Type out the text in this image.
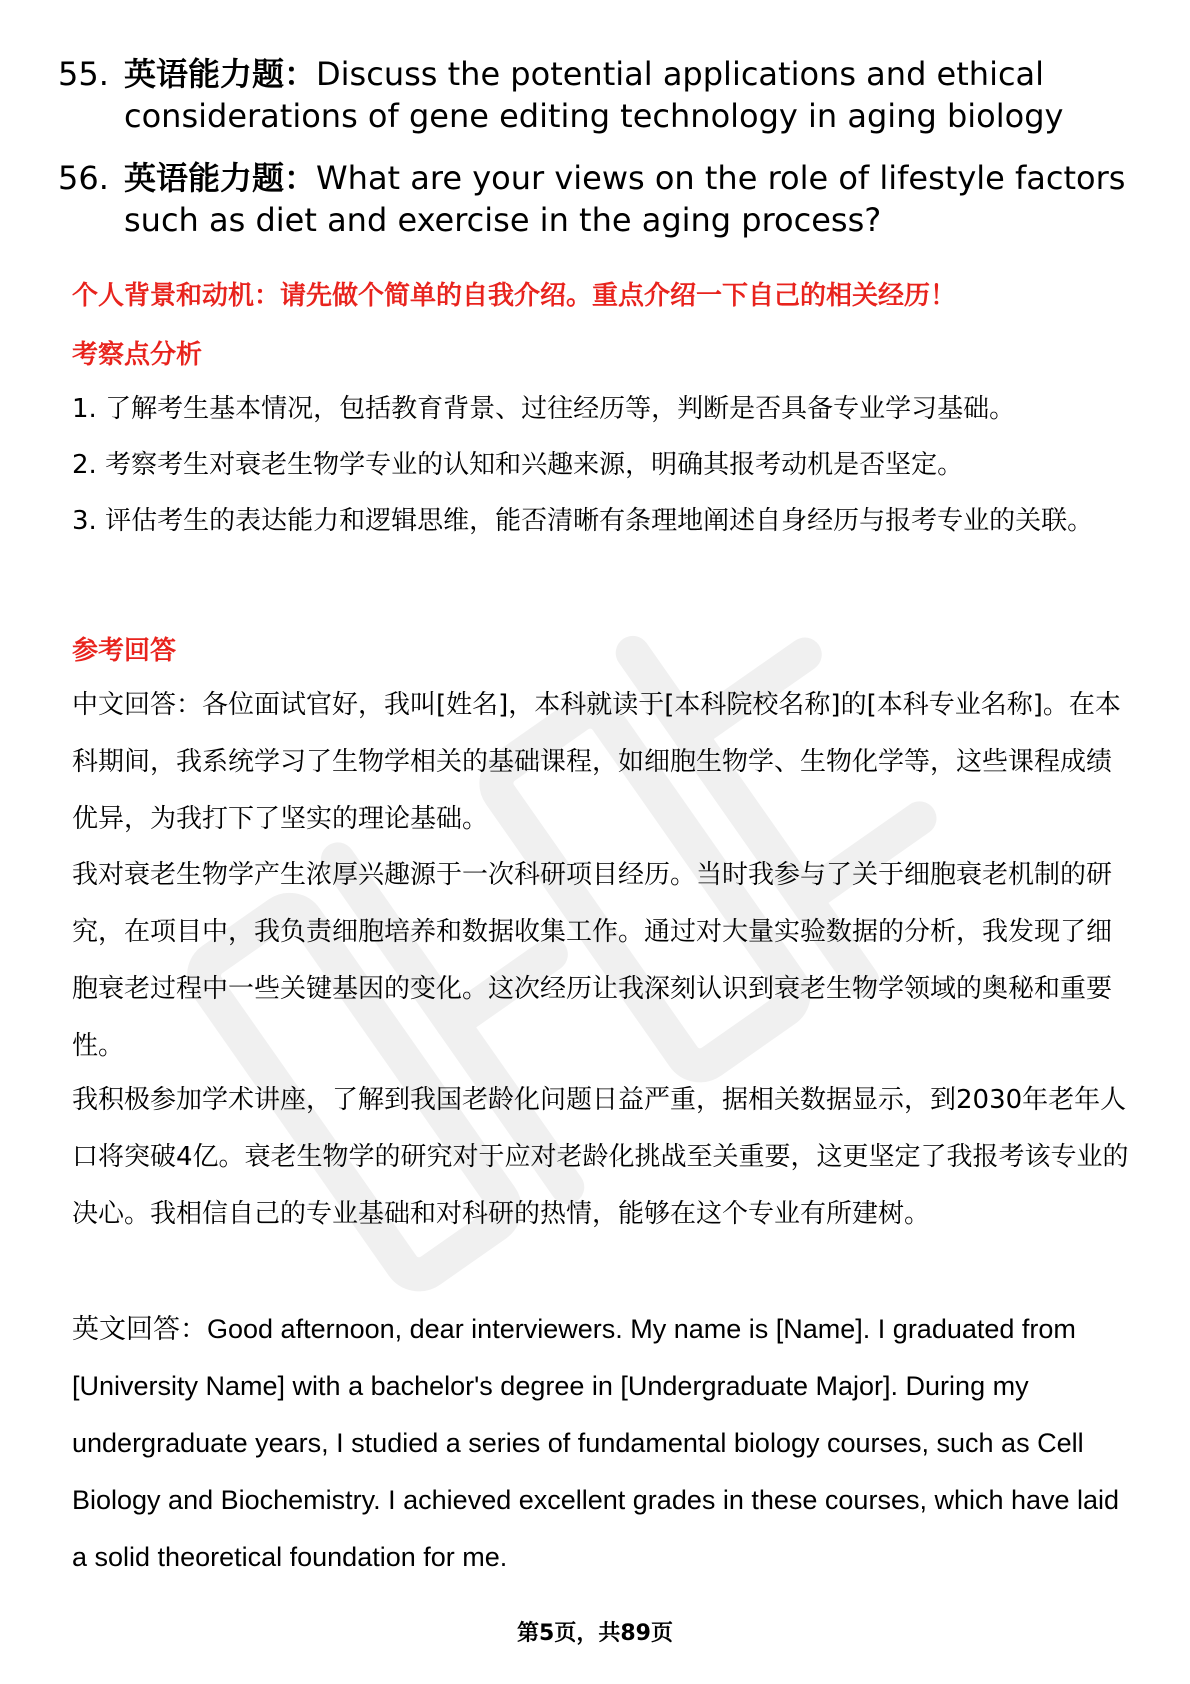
55. 英语能力题：Discuss the potential applications and ethical considerations of gene editing technology in aging biology
56. 英语能力题：What are your views on the role of lifestyle factors such as diet and exercise in the aging process?
个人背景和动机：请先做个简单的自我介绍。重点介绍一下自己的相关经历！
考察点分析
1. 了解考生基本情况，包括教育背景、过往经历等，判断是否具备专业学习基础。
2. 考察考生对衰老生物学专业的认知和兴趣来源，明确其报考动机是否坚定。
3. 评估考生的表达能力和逻辑思维，能否清晰有条理地阐述自身经历与报考专业的关联。
参考回答
中文回答：各位面试官好，我叫[姓名]，本科就读于[本科院校名称]的[本科专业名称]。在本科期间，我系统学习了生物学相关的基础课程，如细胞生物学、生物化学等，这些课程成绩优异，为我打下了坚实的理论基础。
我对衰老生物学产生浓厚兴趣源于一次科研项目经历。当时我参与了关于细胞衰老机制的研究，在项目中，我负责细胞培养和数据收集工作。通过对大量实验数据的分析，我发现了细胞衰老过程中一些关键基因的变化。这次经历让我深刻认识到衰老生物学领域的奥秘和重要性。
我积极参加学术讲座，了解到我国老龄化问题日益严重，据相关数据显示，到2030年老年人口将突破4亿。衰老生物学的研究对于应对老龄化挑战至关重要，这更坚定了我报考该专业的决心。我相信自己的专业基础和对科研的热情，能够在这个专业有所建树。
英文回答：Good afternoon, dear interviewers. My name is [Name]. I graduated from [University Name] with a bachelor's degree in [Undergraduate Major]. During my undergraduate years, I studied a series of fundamental biology courses, such as Cell Biology and Biochemistry. I achieved excellent grades in these courses, which have laid a solid theoretical foundation for me.
第5页，共89页
